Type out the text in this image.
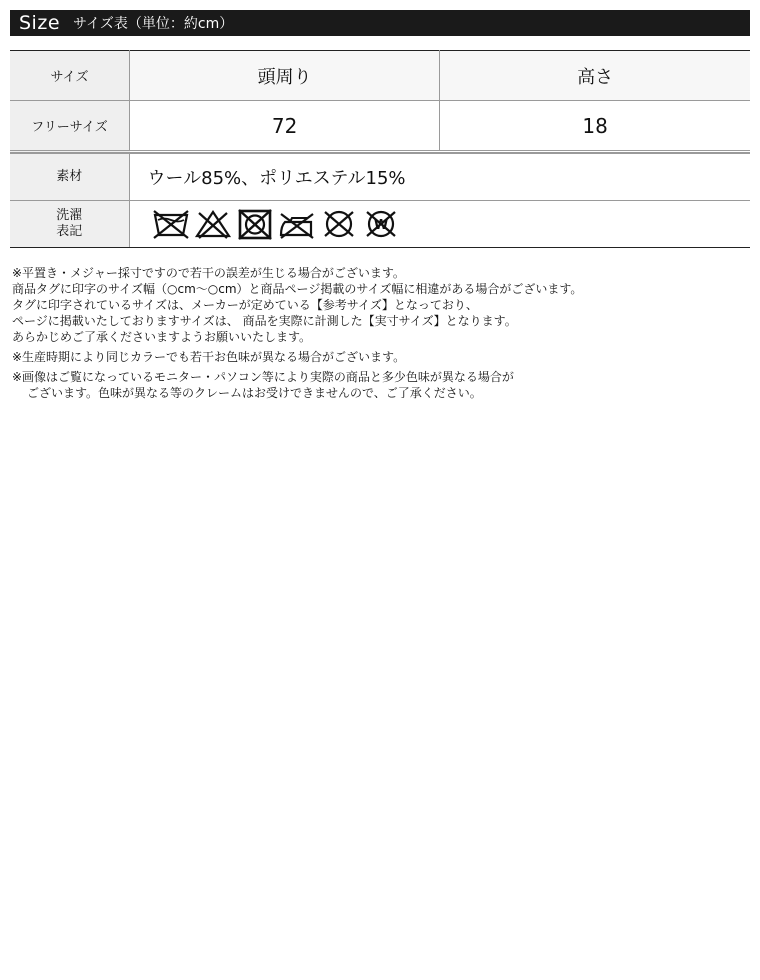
Size サイズ表（単位：約cm）
サイズ	頭周り	高さ
フリーサイズ	72	18
素材	ウール85%、ポリエステル15%

洗濯
表記	W

※平置き・メジャー採寸ですので若干の誤差が生じる場合がございます。

商品タグに印字のサイズ幅（○cm〜○cm）と商品ページ掲載のサイズ幅に相違がある場合がございます。

タグに印字されているサイズは、メーカーが定めている【参考サイズ】となっており、

ページに掲載いたしておりますサイズは、 商品を実際に計測した【実寸サイズ】となります。

あらかじめご了承くださいますようお願いいたします。

※生産時期により同じカラーでも若干お色味が異なる場合がございます。

※画像はご覧になっているモニター・パソコン等により実際の商品と多少色味が異なる場合が

ございます。色味が異なる等のクレームはお受けできませんので、ご了承ください。
